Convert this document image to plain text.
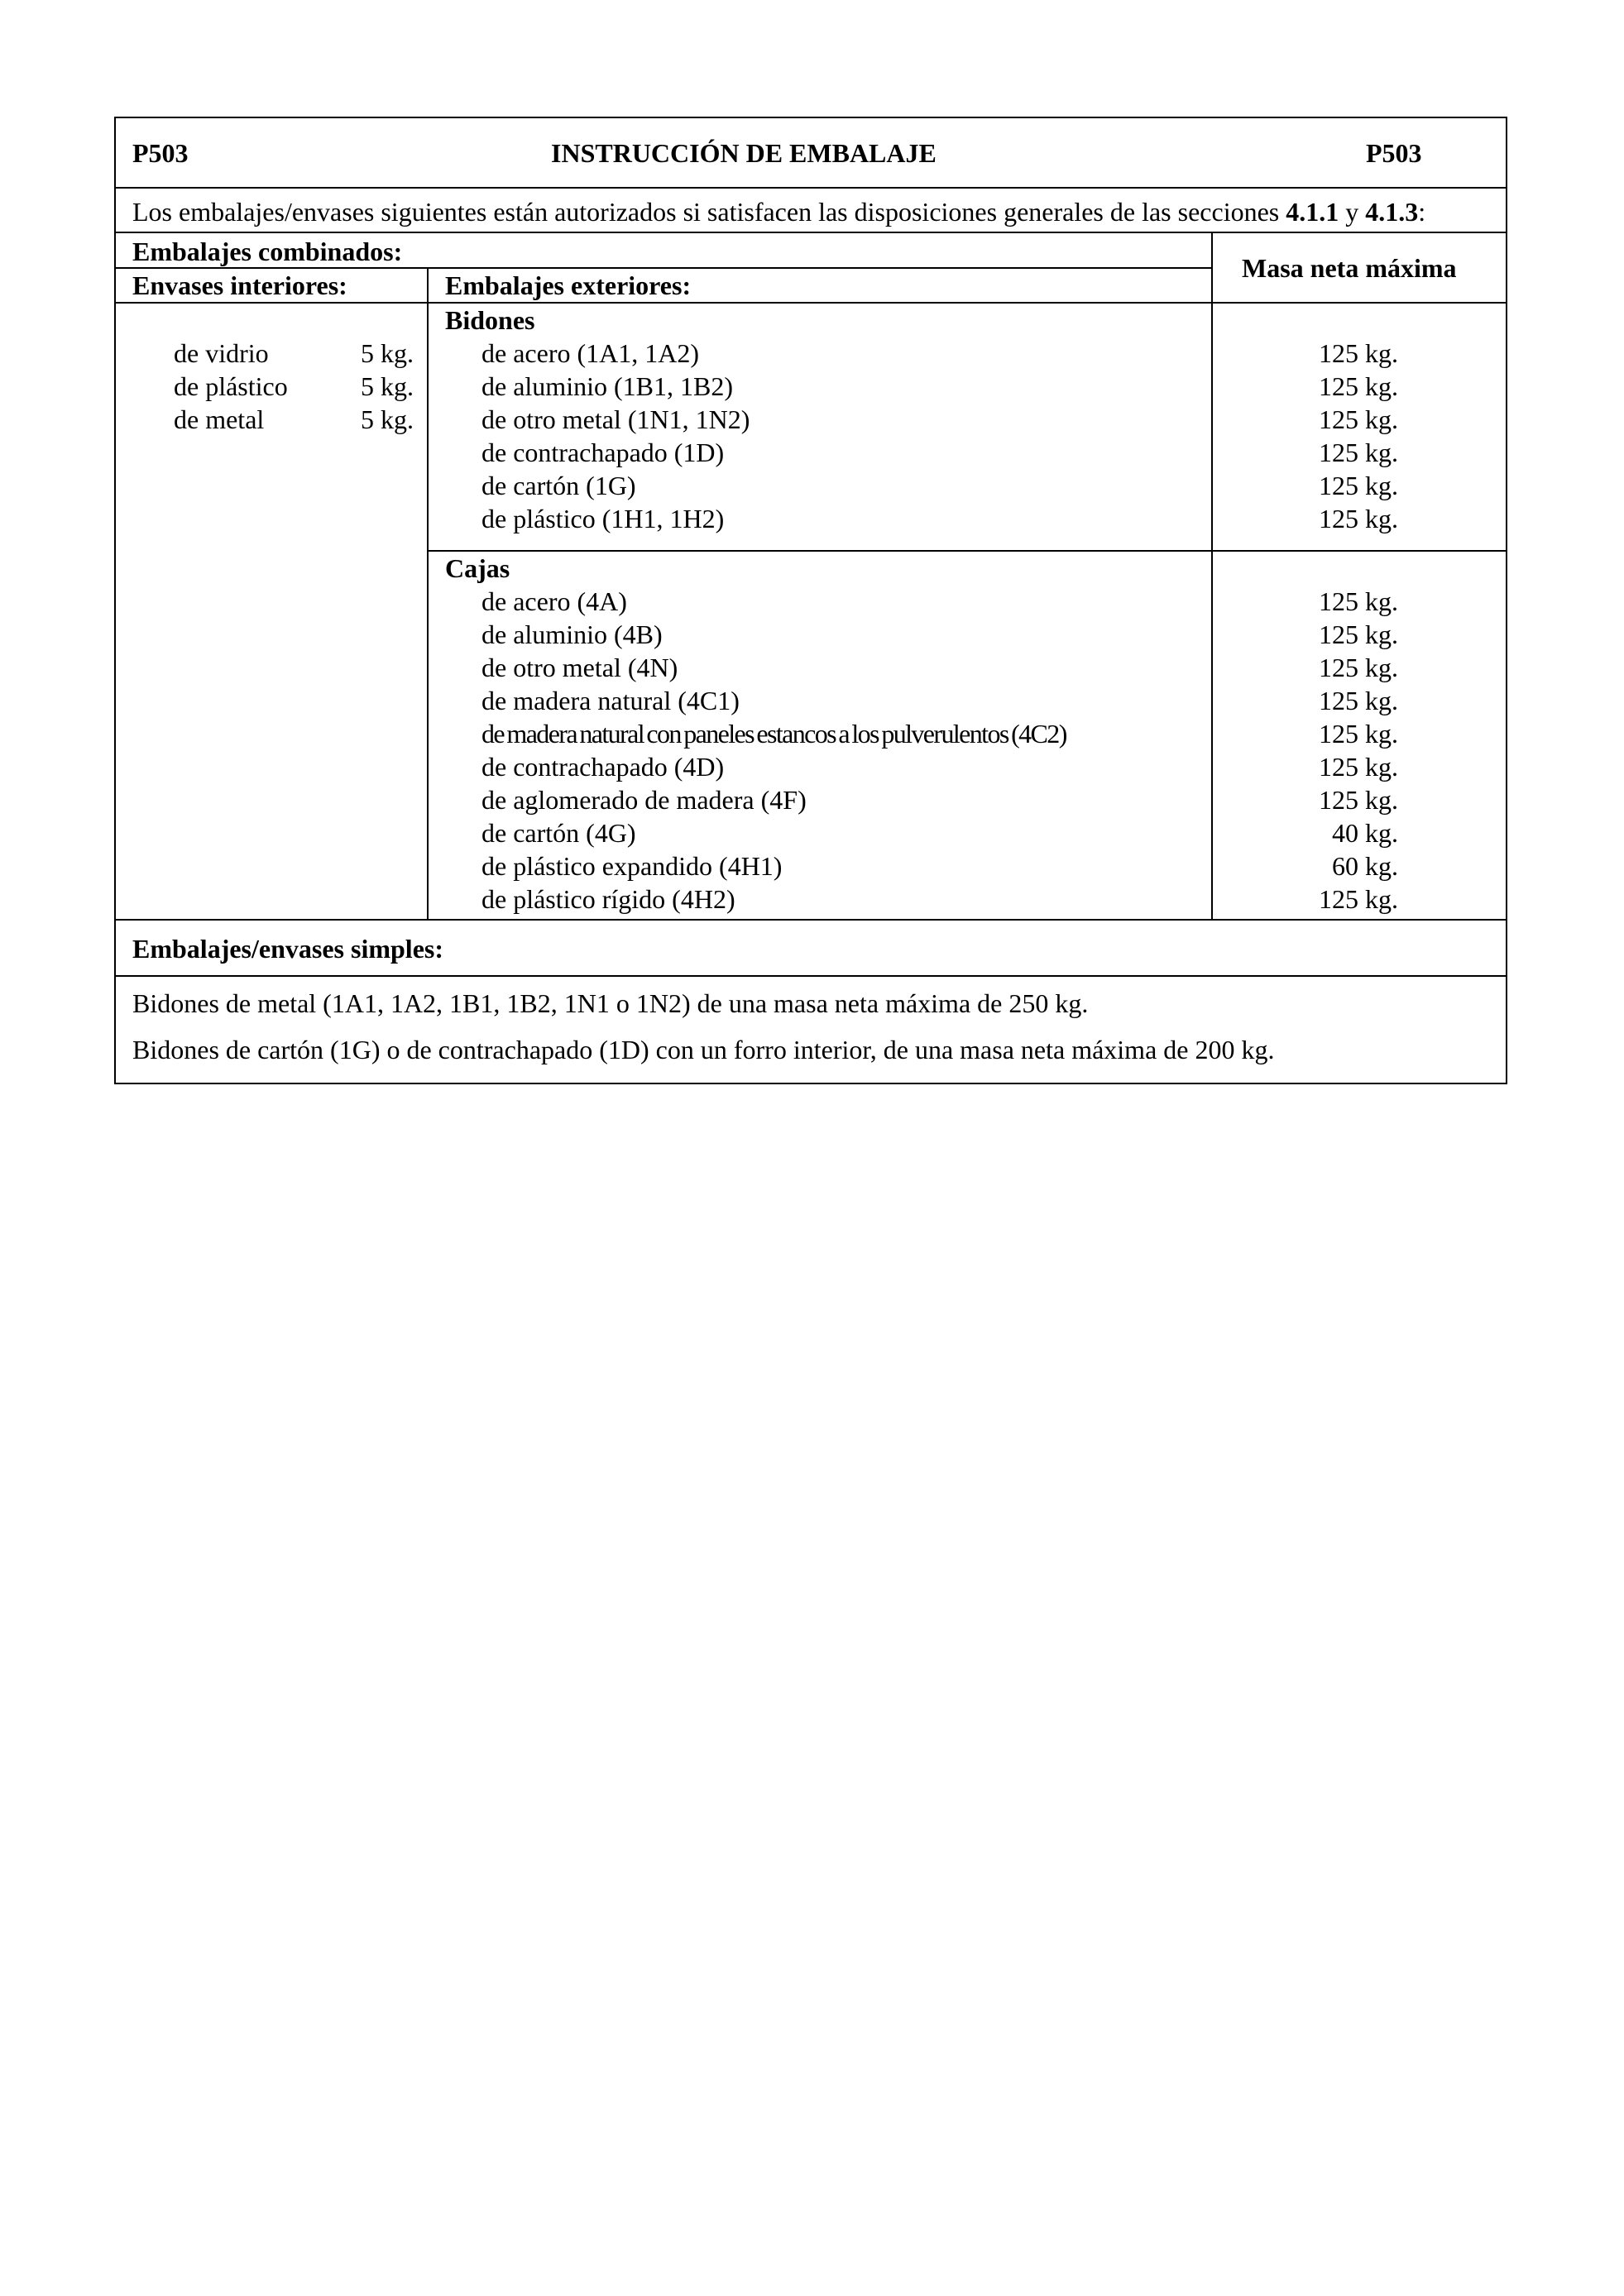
P503	INSTRUCCIÓN DE EMBALAJE	P503
Los embalajes/envases siguientes están autorizados si satisfacen las disposiciones generales de las secciones 4.1.1 y 4.1.3:
Embalajes combinados:
Envases interiores:	Embalajes exteriores:
Masa neta máxima
de vidrio	5 kg.
de plástico	5 kg.
de metal	5 kg.
Bidones
de acero (1A1, 1A2)	125 kg.
de aluminio (1B1, 1B2)	125 kg.
de otro metal (1N1, 1N2)	125 kg.
de contrachapado (1D)	125 kg.
de cartón (1G)	125 kg.
de plástico (1H1, 1H2)	125 kg.
Cajas
de acero (4A)	125 kg.
de aluminio (4B)	125 kg.
de otro metal (4N)	125 kg.
de madera natural (4C1)	125 kg.
de madera natural con paneles estancos a los pulverulentos (4C2)	125 kg.
de contrachapado (4D)	125 kg.
de aglomerado de madera (4F)	125 kg.
de cartón (4G)	40 kg.
de plástico expandido (4H1)	60 kg.
de plástico rígido (4H2)	125 kg.
Embalajes/envases simples:

Bidones de metal (1A1, 1A2, 1B1, 1B2, 1N1 o 1N2) de una masa neta máxima de 250 kg.

Bidones de cartón (1G) o de contrachapado (1D) con un forro interior, de una masa neta máxima de 200 kg.
